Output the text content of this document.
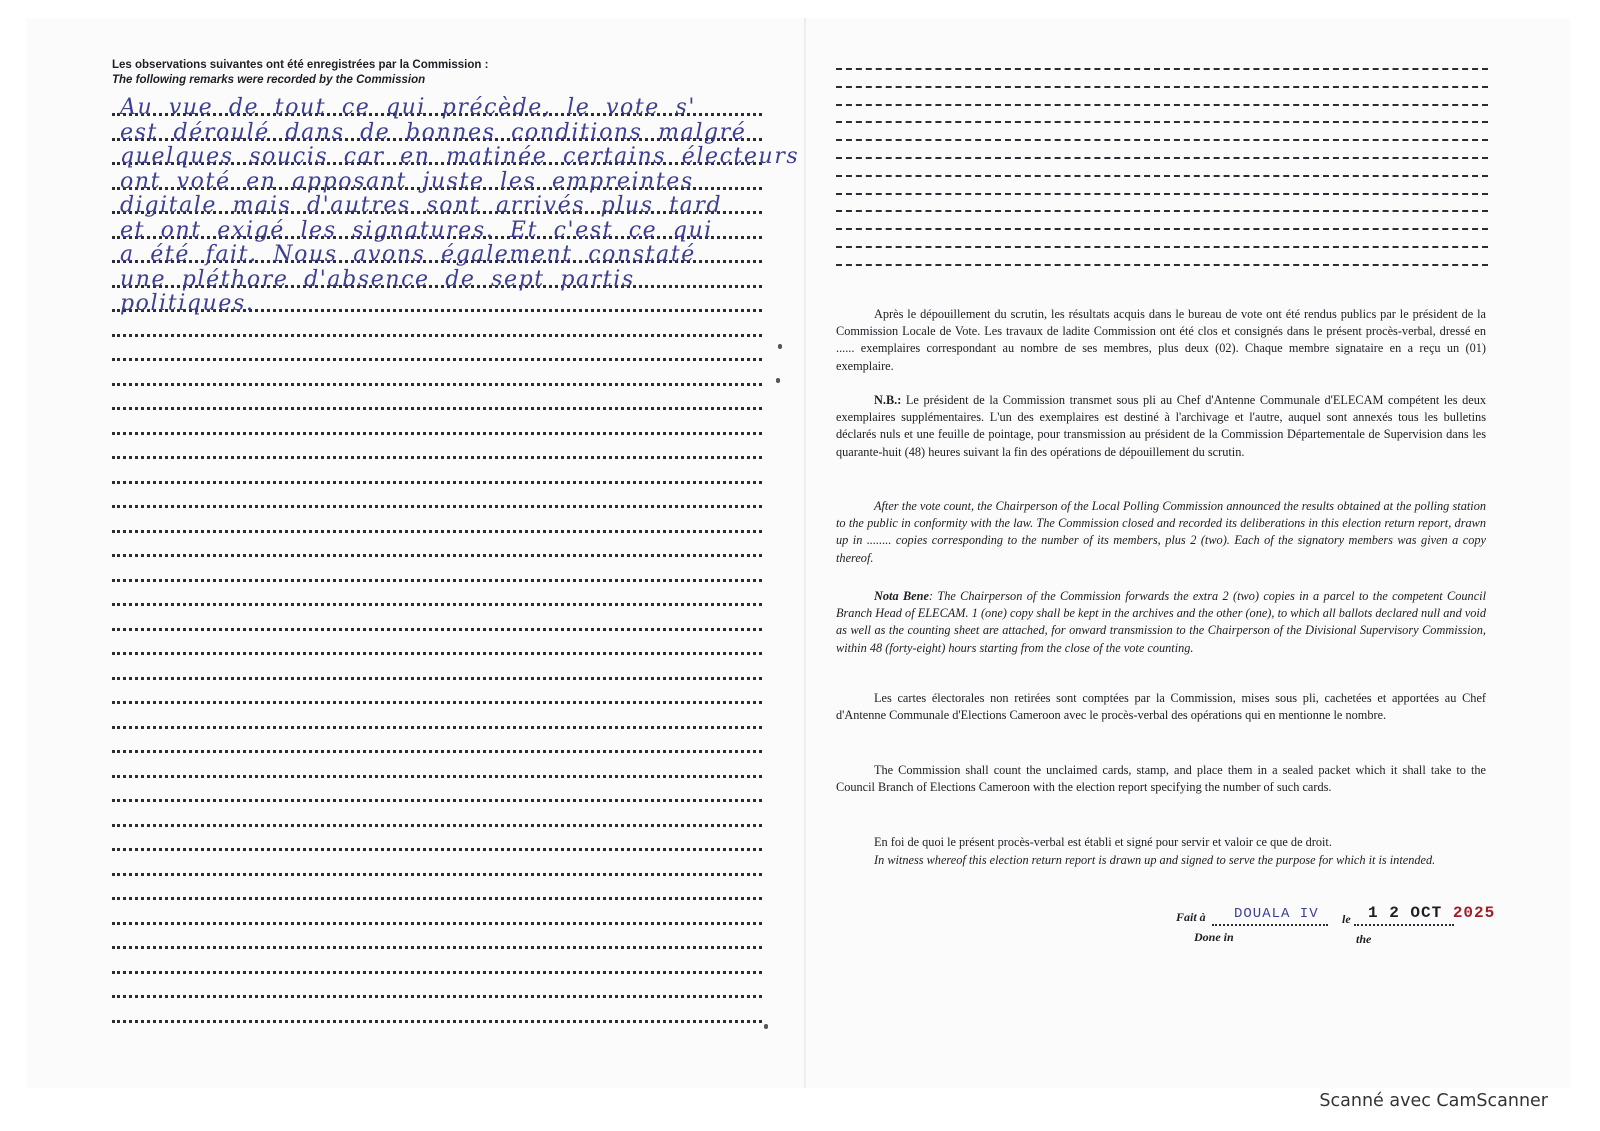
Les observations suivantes ont été enregistrées par la Commission :

The following remarks were recorded by the Commission

Au vue de tout ce qui précède, le vote s'
est déroulé dans de bonnes conditions malgré
quelques soucis car en matinée certains électeurs
ont voté en apposant juste les empreintes
digitale mais d'autres sont arrivés plus tard
et ont exigé les signatures. Et c'est ce qui
a été fait. Nous avons également constaté
une pléthore d'absence de sept partis
politiques.	Après le dépouillement du scrutin, les résultats acquis dans le bureau de vote ont été rendus publics par le président de la Commission Locale de Vote. Les travaux de ladite Commission ont été clos et consignés dans le présent procès-verbal, dressé en ...... exemplaires correspondant au nombre de ses membres, plus deux (02). Chaque membre signataire en a reçu un (01) exemplaire.

N.B.: Le président de la Commission transmet sous pli au Chef d'Antenne Communale d'ELECAM compétent les deux exemplaires supplémentaires. L'un des exemplaires est destiné à l'archivage et l'autre, auquel sont annexés tous les bulletins déclarés nuls et une feuille de pointage, pour transmission au président de la Commission Départementale de Supervision dans les quarante-huit (48) heures suivant la fin des opérations de dépouillement du scrutin.

After the vote count, the Chairperson of the Local Polling Commission announced the results obtained at the polling station to the public in conformity with the law. The Commission closed and recorded its deliberations in this election return report, drawn up in ........ copies corresponding to the number of its members, plus 2 (two). Each of the signatory members was given a copy thereof.

Nota Bene: The Chairperson of the Commission forwards the extra 2 (two) copies in a parcel to the competent Council Branch Head of ELECAM. 1 (one) copy shall be kept in the archives and the other (one), to which all ballots declared null and void as well as the counting sheet are attached, for onward transmission to the Chairperson of the Divisional Supervisory Commission, within 48 (forty-eight) hours starting from the close of the vote counting.

Les cartes électorales non retirées sont comptées par la Commission, mises sous pli, cachetées et apportées au Chef d'Antenne Communale d'Elections Cameroon avec le procès-verbal des opérations qui en mentionne le nombre.

The Commission shall count the unclaimed cards, stamp, and place them in a sealed packet which it shall take to the Council Branch of Elections Cameroon with the election report specifying the number of such cards.

En foi de quoi le présent procès-verbal est établi et signé pour servir et valoir ce que de droit.

In witness whereof this election return report is drawn up and signed to serve the purpose for which it is intended.

Fait à
Done in
DOUALA IV le
the
1 2 OCT 2025
Scanné avec CamScanner
